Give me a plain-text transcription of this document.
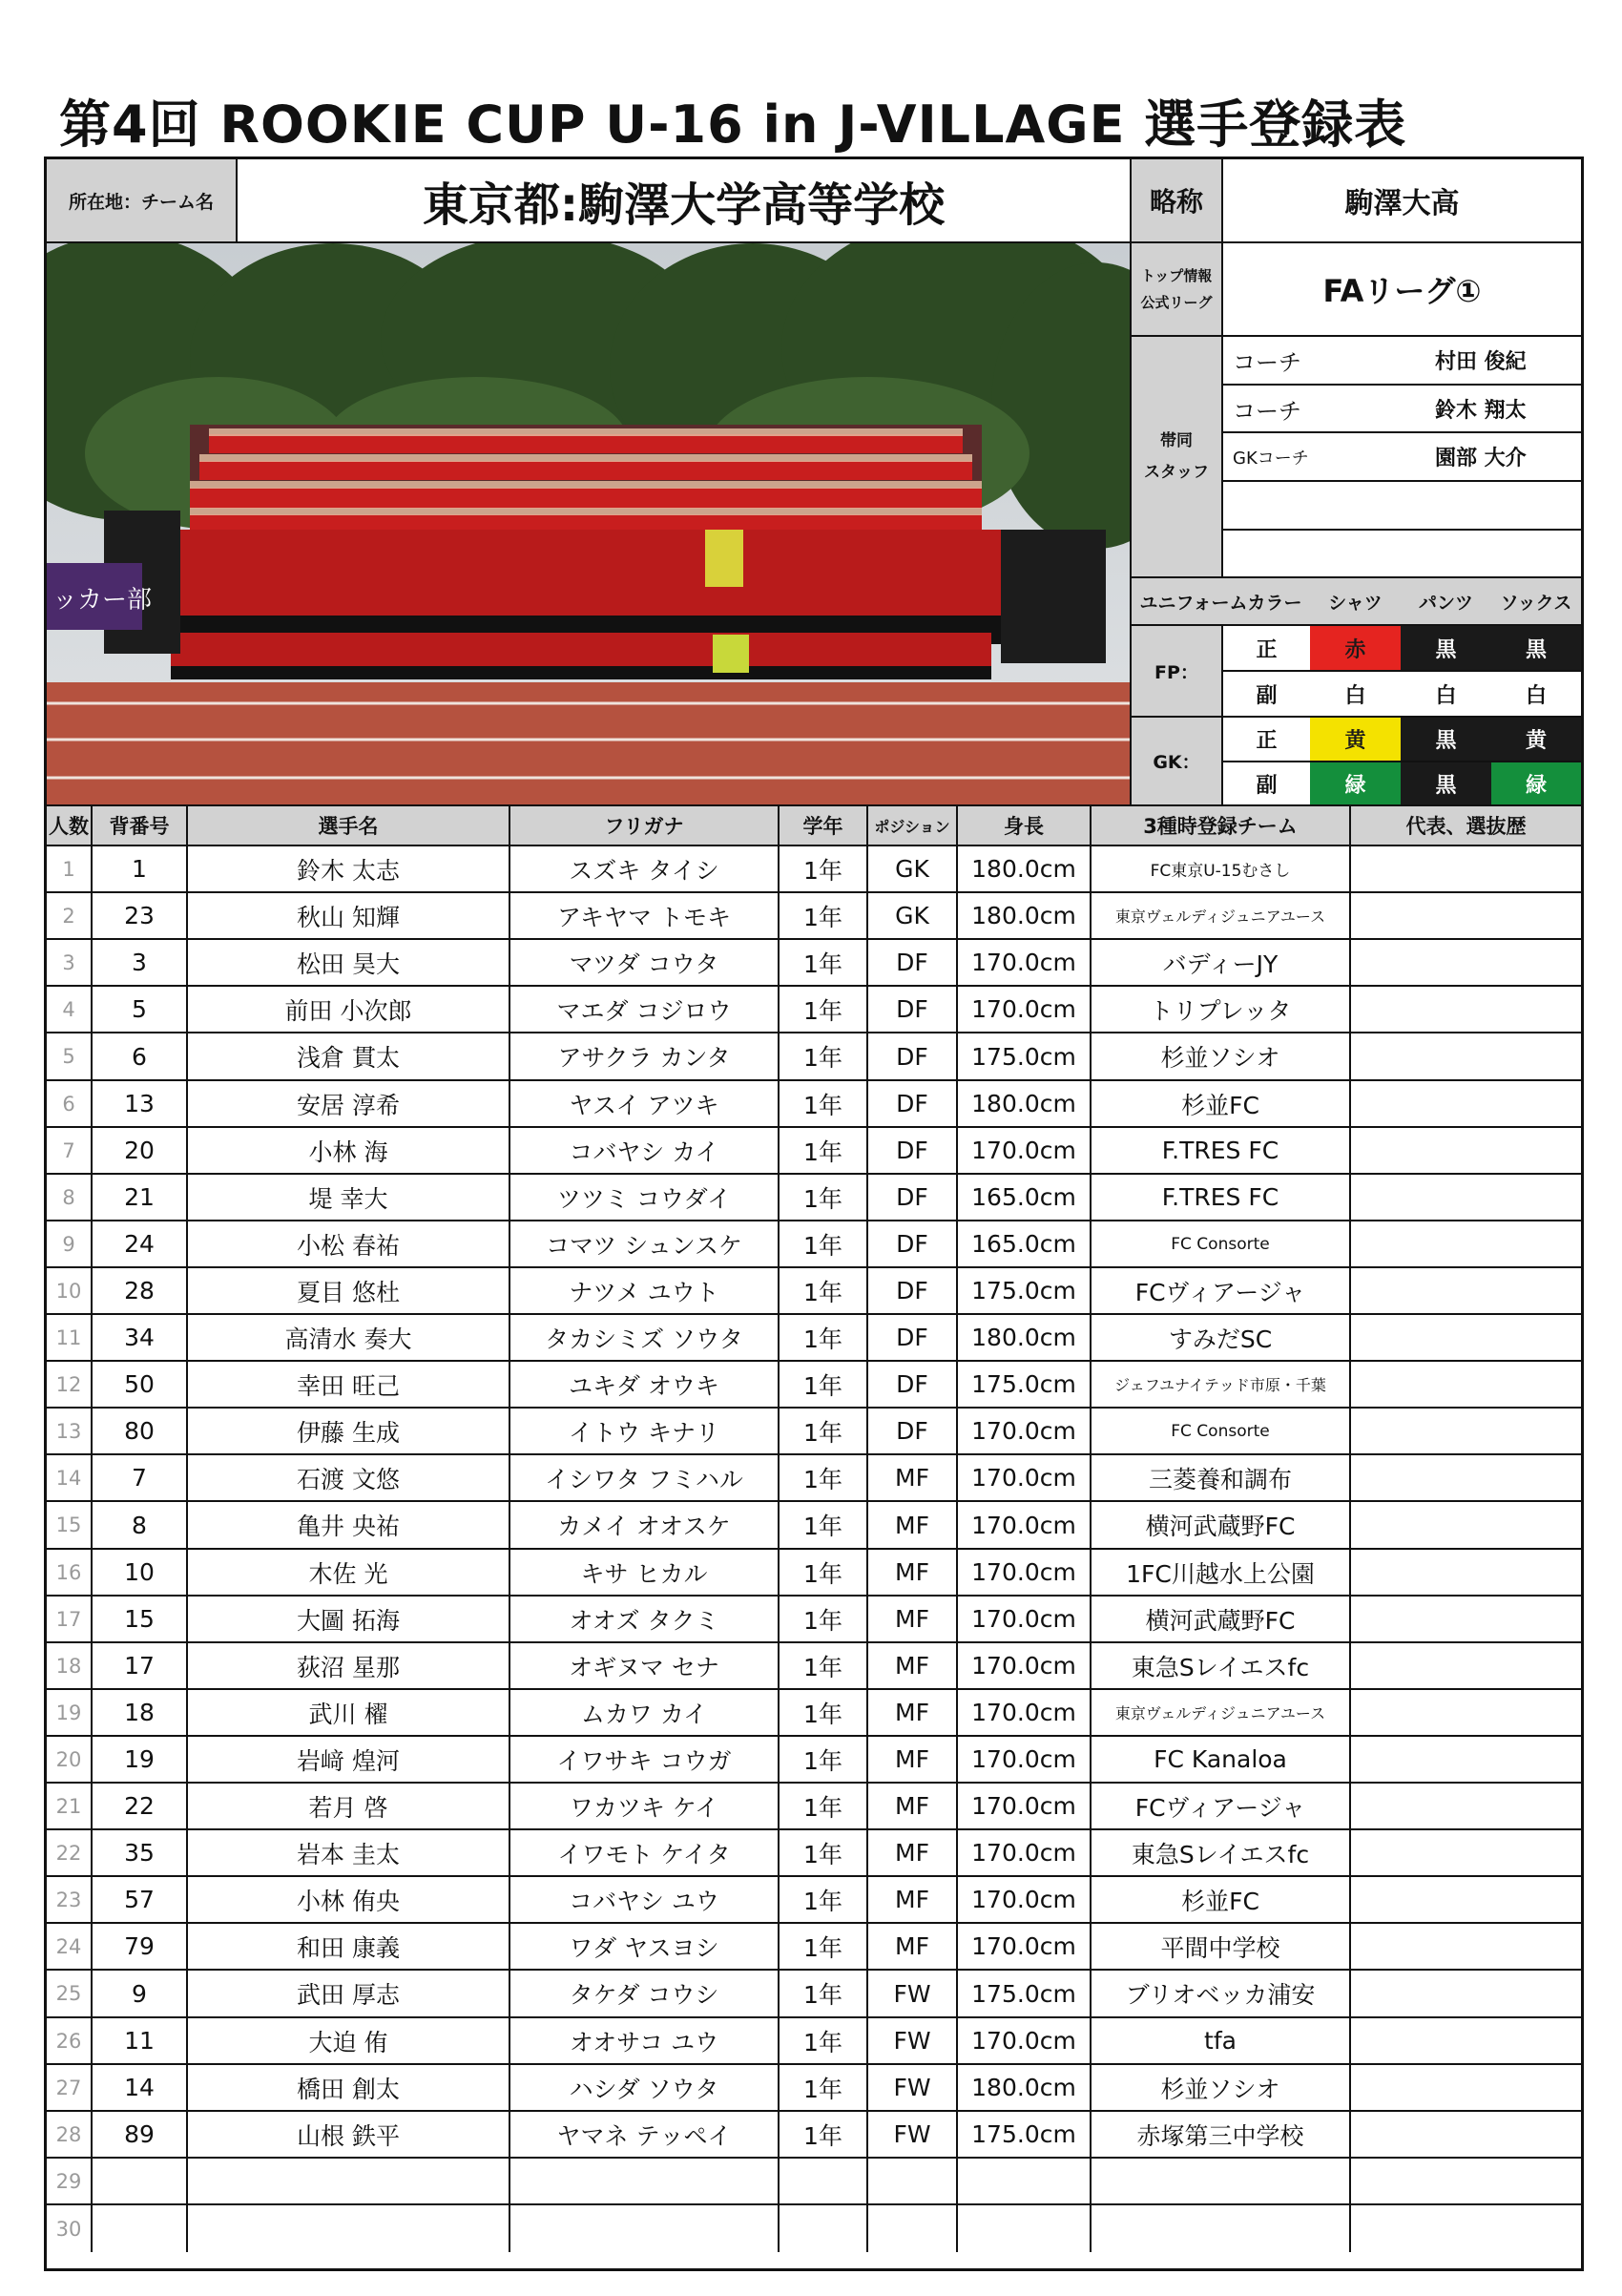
第4回 ROOKIE CUP U-16 in J-VILLAGE 選手登録表
所在地：チーム名	東京都:駒澤大学高等学校	略称	駒澤大高
ッカー部
トップ情報
公式リーグ	FAリーグ①
帯同
スタッフ
コーチ	村田 俊紀
コーチ	鈴木 翔太
GKコーチ	園部 大介
ユニフォームカラー	シャツ	パンツ	ソックス
FP：
正	赤	黒	黒
副	白	白	白
GK：
正	黄	黒	黄
副	緑	黒	緑
人数	背番号	選手名	フリガナ	学年	ポジション	身長	3種時登録チーム	代表、選抜歴
1	1	鈴木 太志	スズキ タイシ	1年	GK	180.0cm	FC東京U-15むさし
2	23	秋山 知輝	アキヤマ トモキ	1年	GK	180.0cm	東京ヴェルディジュニアユース
3	3	松田 昊大	マツダ コウタ	1年	DF	170.0cm	バディーJY
4	5	前田 小次郎	マエダ コジロウ	1年	DF	170.0cm	トリプレッタ
5	6	浅倉 貫太	アサクラ カンタ	1年	DF	175.0cm	杉並ソシオ
6	13	安居 淳希	ヤスイ アツキ	1年	DF	180.0cm	杉並FC
7	20	小林 海	コバヤシ カイ	1年	DF	170.0cm	F.TRES FC
8	21	堤 幸大	ツツミ コウダイ	1年	DF	165.0cm	F.TRES FC
9	24	小松 春祐	コマツ シュンスケ	1年	DF	165.0cm	FC Consorte
10	28	夏目 悠杜	ナツメ ユウト	1年	DF	175.0cm	FCヴィアージャ
11	34	高清水 奏大	タカシミズ ソウタ	1年	DF	180.0cm	すみだSC
12	50	幸田 旺己	ユキダ オウキ	1年	DF	175.0cm	ジェフユナイテッド市原・千葉
13	80	伊藤 生成	イトウ キナリ	1年	DF	170.0cm	FC Consorte
14	7	石渡 文悠	イシワタ フミハル	1年	MF	170.0cm	三菱養和調布
15	8	亀井 央祐	カメイ オオスケ	1年	MF	170.0cm	横河武蔵野FC
16	10	木佐 光	キサ ヒカル	1年	MF	170.0cm	1FC川越水上公園
17	15	大圖 拓海	オオズ タクミ	1年	MF	170.0cm	横河武蔵野FC
18	17	荻沼 星那	オギヌマ セナ	1年	MF	170.0cm	東急Sレイエスfc
19	18	武川 櫂	ムカワ カイ	1年	MF	170.0cm	東京ヴェルディジュニアユース
20	19	岩﨑 煌河	イワサキ コウガ	1年	MF	170.0cm	FC Kanaloa
21	22	若月 啓	ワカツキ ケイ	1年	MF	170.0cm	FCヴィアージャ
22	35	岩本 圭太	イワモト ケイタ	1年	MF	170.0cm	東急Sレイエスfc
23	57	小林 侑央	コバヤシ ユウ	1年	MF	170.0cm	杉並FC
24	79	和田 康義	ワダ ヤスヨシ	1年	MF	170.0cm	平間中学校
25	9	武田 厚志	タケダ コウシ	1年	FW	175.0cm	ブリオベッカ浦安
26	11	大迫 侑	オオサコ ユウ	1年	FW	170.0cm	tfa
27	14	橋田 創太	ハシダ ソウタ	1年	FW	180.0cm	杉並ソシオ
28	89	山根 鉄平	ヤマネ テッペイ	1年	FW	175.0cm	赤塚第三中学校
29
30
